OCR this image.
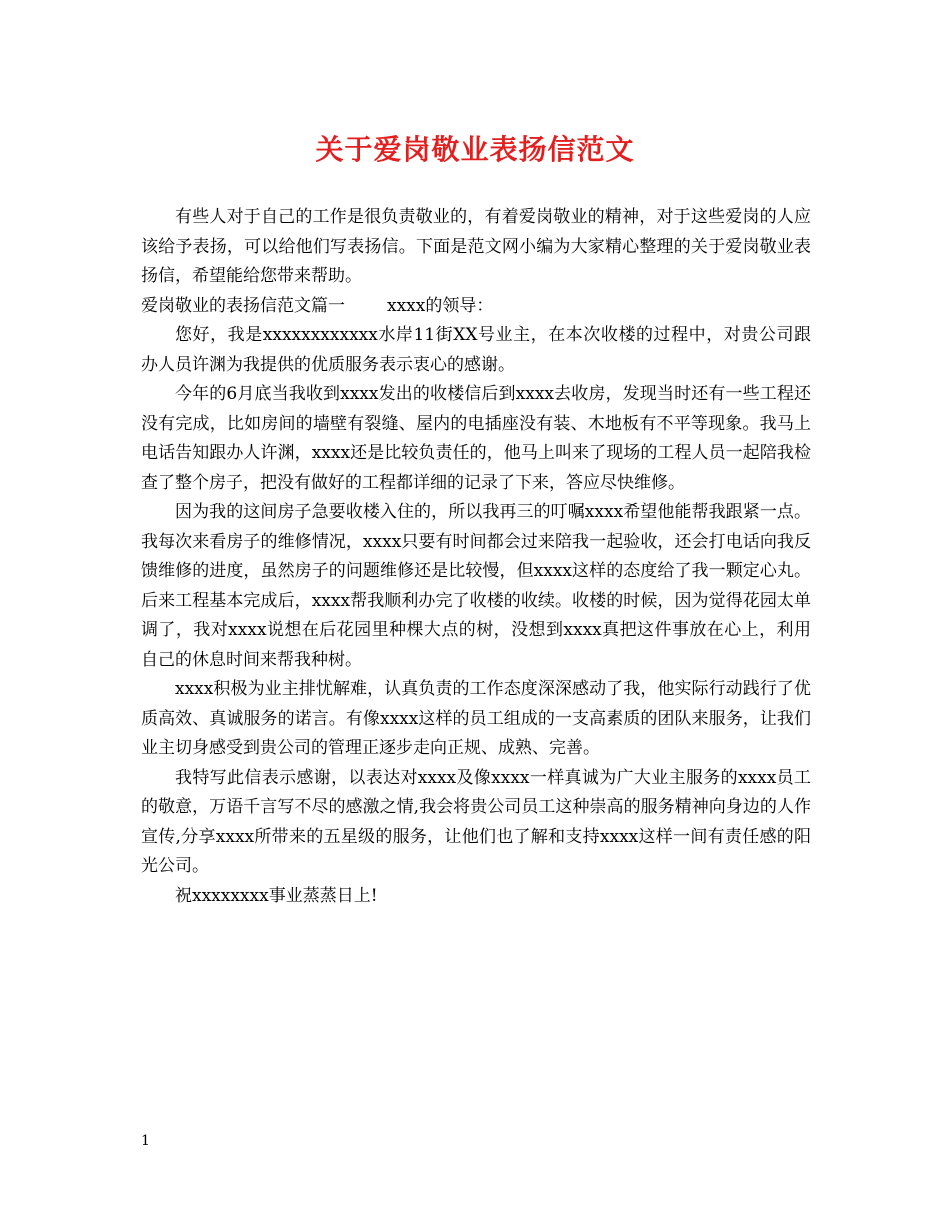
关于爱岗敬业表扬信范文

有些人对于自己的工作是很负责敬业的，有着爱岗敬业的精神，对于这些爱岗的人应该给予表扬，可以给他们写表扬信。下面是范文网小编为大家精心整理的关于爱岗敬业表扬信，希望能给您带来帮助。

爱岗敬业的表扬信范文篇一 xxxx的领导：

您好，我是xxxxxxxxxxxx水岸11街XX号业主，在本次收楼的过程中，对贵公司跟办人员许渊为我提供的优质服务表示衷心的感谢。

今年的6月底当我收到xxxx发出的收楼信后到xxxx去收房，发现当时还有一些工程还没有完成，比如房间的墙壁有裂缝、屋内的电插座没有装、木地板有不平等现象。我马上电话告知跟办人许渊，xxxx还是比较负责任的，他马上叫来了现场的工程人员一起陪我检查了整个房子，把没有做好的工程都详细的记录了下来，答应尽快维修。

因为我的这间房子急要收楼入住的，所以我再三的叮嘱xxxx希望他能帮我跟紧一点。我每次来看房子的维修情况，xxxx只要有时间都会过来陪我一起验收，还会打电话向我反馈维修的进度，虽然房子的问题维修还是比较慢，但xxxx这样的态度给了我一颗定心丸。后来工程基本完成后，xxxx帮我顺利办完了收楼的收续。收楼的时候，因为觉得花园太单调了，我对xxxx说想在后花园里种棵大点的树，没想到xxxx真把这件事放在心上，利用自己的休息时间来帮我种树。

xxxx积极为业主排忧解难，认真负责的工作态度深深感动了我，他实际行动践行了优质高效、真诚服务的诺言。有像xxxx这样的员工组成的一支高素质的团队来服务，让我们业主切身感受到贵公司的管理正逐步走向正规、成熟、完善。

我特写此信表示感谢，以表达对xxxx及像xxxx一样真诚为广大业主服务的xxxx员工的敬意，万语千言写不尽的感激之情,我会将贵公司员工这种崇高的服务精神向身边的人作宣传,分享xxxx所带来的五星级的服务，让他们也了解和支持xxxx这样一间有责任感的阳光公司。

祝xxxxxxxx事业蒸蒸日上!

1
